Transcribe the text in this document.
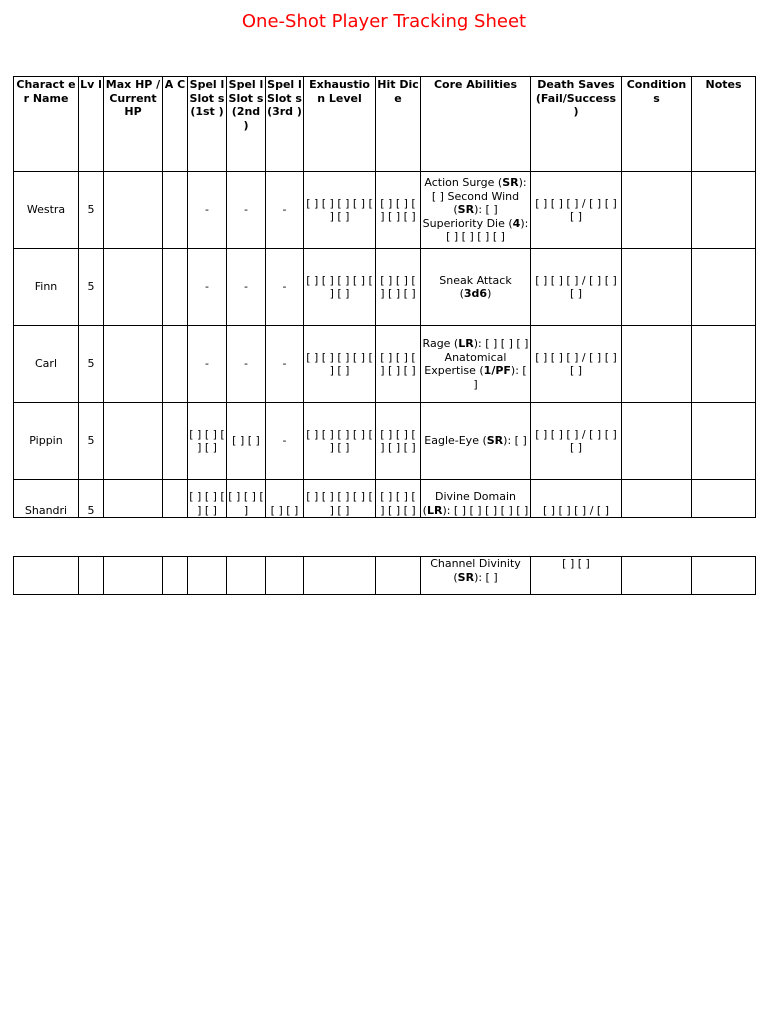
One-Shot Player Tracking Sheet
Charact er Name	Lv l	Max HP / Current HP	A C	Spel l Slot s (1st )	Spel l Slot s (2nd )	Spel l Slot s (3rd )	Exhaustio n Level	Hit Dice	Core Abilities	Death Saves (Fail/Success )	Condition s	Notes
Westra	5			-	-	-	[ ] [ ] [ ] [ ] [ ] [ ]	[ ] [ ] [ ] [ ] [ ]	Action Surge (SR): [ ] Second Wind (SR): [ ] Superiority Die (4): [ ] [ ] [ ] [ ]	[ ] [ ] [ ] / [ ] [ ] [ ]		
Finn	5			-	-	-	[ ] [ ] [ ] [ ] [ ] [ ]	[ ] [ ] [ ] [ ] [ ]	Sneak Attack (3d6)	[ ] [ ] [ ] / [ ] [ ] [ ]		
Carl	5			-	-	-	[ ] [ ] [ ] [ ] [ ] [ ]	[ ] [ ] [ ] [ ] [ ]	Rage (LR): [ ] [ ] [ ] Anatomical Expertise (1/PF): [ ]	[ ] [ ] [ ] / [ ] [ ] [ ]		
Pippin	5			[ ] [ ] [ ] [ ]	[ ] [ ]	-	[ ] [ ] [ ] [ ] [ ] [ ]	[ ] [ ] [ ] [ ] [ ]	Eagle-Eye (SR): [ ]	[ ] [ ] [ ] / [ ] [ ] [ ]		
Shandri	5			[ ] [ ] [ ] [ ]	[ ] [ ] [ ]	[ ] [ ]	[ ] [ ] [ ] [ ] [ ] [ ]	[ ] [ ] [ ] [ ] [ ]	Divine Domain (LR): [ ] [ ] [ ] [ ] [ ]	[ ] [ ] [ ] / [ ]		
									Channel Divinity (SR): [ ]	[ ] [ ]		
